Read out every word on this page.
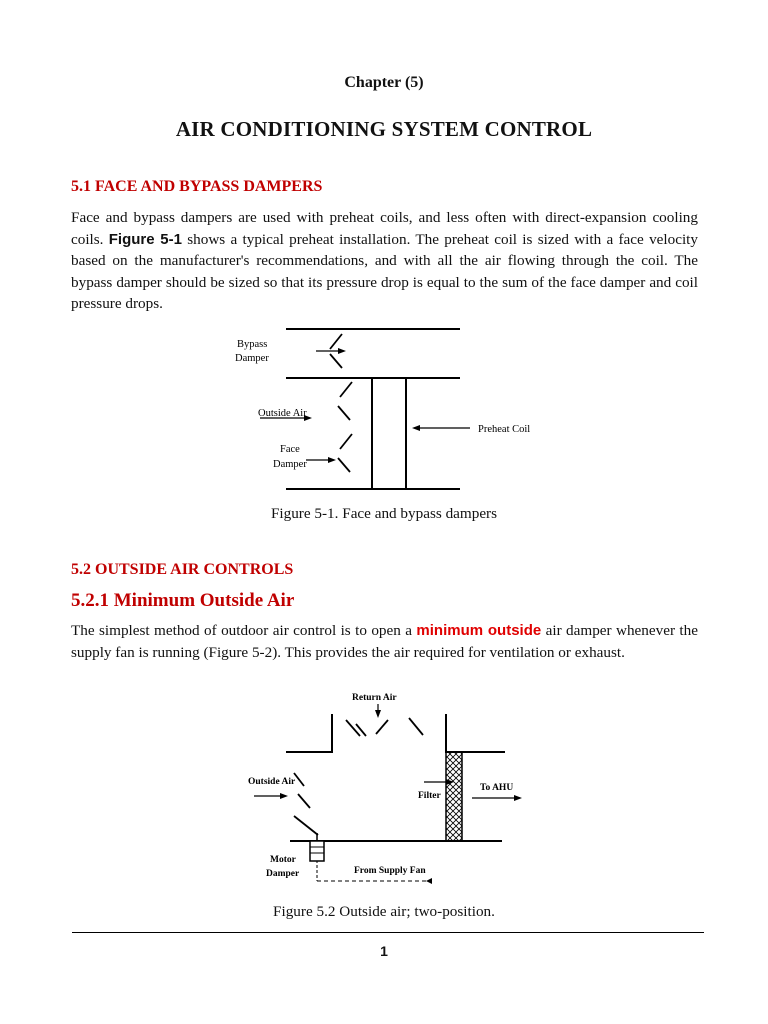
Chapter (5)
AIR CONDITIONING SYSTEM CONTROL
5.1 FACE AND BYPASS DAMPERS
Face and bypass dampers are used with preheat coils, and less often with direct-expansion cooling coils. Figure 5-1 shows a typical preheat installation. The preheat coil is sized with a face velocity based on the manufacturer's recommendations, and with all the air flowing through the coil. The bypass damper should be sized so that its pressure drop is equal to the sum of the face damper and coil pressure drops.
Bypass
Damper
Outside Air
Face
Damper
Preheat Coil
Figure 5-1. Face and bypass dampers
5.2 OUTSIDE AIR CONTROLS
5.2.1 Minimum Outside Air
The simplest method of outdoor air control is to open a minimum outside air damper whenever the supply fan is running (Figure 5-2). This provides the air required for ventilation or exhaust.
Return Air
Outside Air
Filter
To AHU
Motor
Damper	From Supply Fan
Figure 5.2 Outside air; two-position.
1
